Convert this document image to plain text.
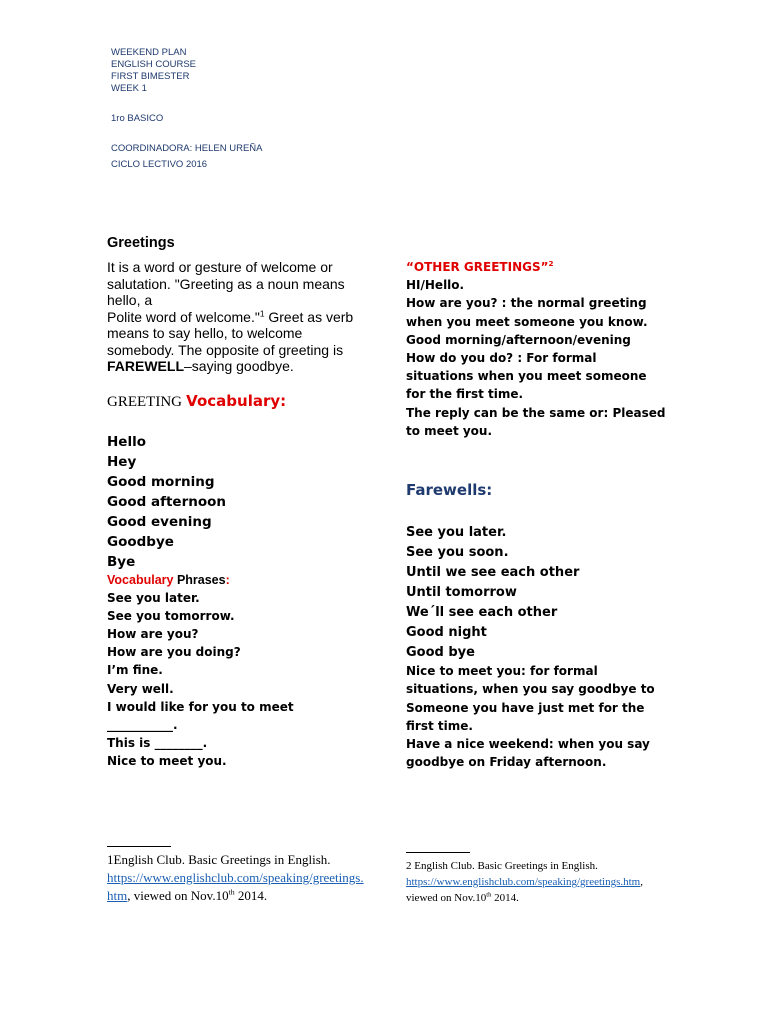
WEEKEND PLAN
ENGLISH COURSE
FIRST BIMESTER
WEEK 1
1ro BASICO
COORDINADORA: HELEN UREÑA
CICLO LECTIVO 2016
Greetings
It is a word or gesture of welcome or salutation. "Greeting as a noun means hello, a
Polite word of welcome."$^1$ Greet as verb means to say hello, to welcome somebody. The opposite of greeting is
FAREWELL–saying goodbye.
GREETING Vocabulary:
Hello
Hey
Good morning
Good afternoon
Good evening
Goodbye
Bye
Vocabulary Phrases:
See you later.
See you tomorrow.
How are you?
How are you doing?
I’m fine.
Very well.
I would like for you to meet
___________.
This is ________.
Nice to meet you.
“OTHER GREETINGS”$^2$
HI/Hello.
How are you? : the normal greeting when you meet someone you know.
Good morning/afternoon/evening
How do you do? : For formal situations when you meet someone for the first time.
The reply can be the same or: Pleased to meet you.
Farewells:
See you later.
See you soon.
Until we see each other
Until tomorrow
We´ll see each other
Good night
Good bye
Nice to meet you: for formal situations, when you say goodbye to
Someone you have just met for the first time.
Have a nice weekend: when you say goodbye on Friday afternoon.
1English Club. Basic Greetings in English.
https://www.englishclub.com/speaking/greetings.htm, viewed on Nov.10th 2014.
2 English Club. Basic Greetings in English.
https://www.englishclub.com/speaking/greetings.htm, viewed on Nov.10th 2014.
